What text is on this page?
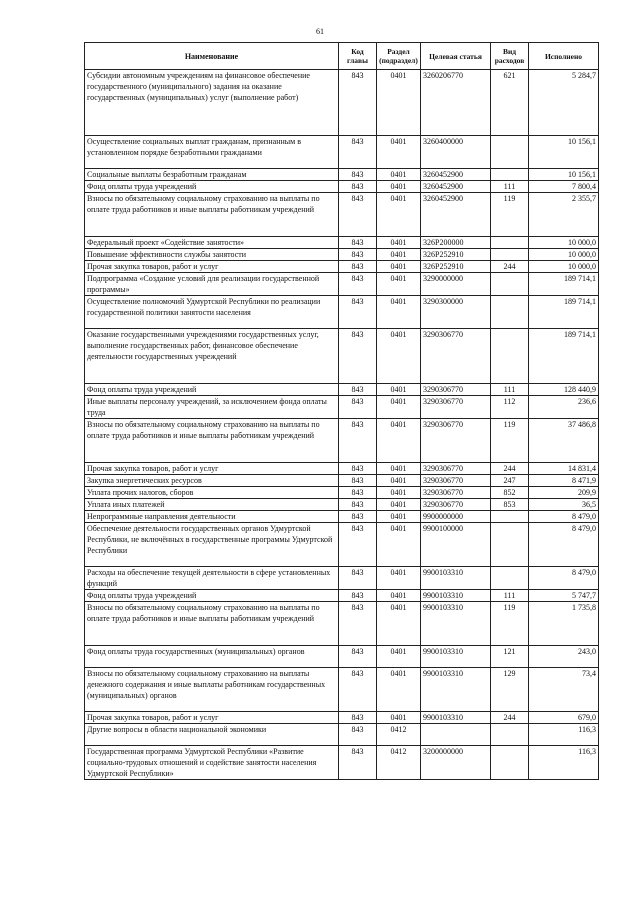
61
Наименование	Код главы	Раздел (подраздел)	Целевая статья	Вид расходов	Исполнено
Субсидии автономным учреждениям на финансовое обеспечение государственного (муниципального) задания на оказание государственных (муниципальных) услуг (выполнение работ)	843	0401	3260206770	621	5 284,7
Осуществление социальных выплат гражданам, признанным в установленном порядке безработными гражданами	843	0401	3260400000		10 156,1
Социальные выплаты безработным гражданам	843	0401	3260452900		10 156,1
Фонд оплаты труда учреждений	843	0401	3260452900	111	7 800,4
Взносы по обязательному социальному страхованию на выплаты по оплате труда работников и иные выплаты работникам учреждений	843	0401	3260452900	119	2 355,7
Федеральный проект «Содействие занятости»	843	0401	326P200000		10 000,0
Повышение эффективности службы занятости	843	0401	326P252910		10 000,0
Прочая закупка товаров, работ и услуг	843	0401	326P252910	244	10 000,0
Подпрограмма «Создание условий для реализации государственной программы»	843	0401	3290000000		189 714,1
Осуществление полномочий Удмуртской Республики по реализации государственной политики занятости населения	843	0401	3290300000		189 714,1
Оказание государственными учреждениями государственных услуг, выполнение государственных работ, финансовое обеспечение деятельности государственных учреждений	843	0401	3290306770		189 714,1
Фонд оплаты труда учреждений	843	0401	3290306770	111	128 440,9
Иные выплаты персоналу учреждений, за исключением фонда оплаты труда	843	0401	3290306770	112	236,6
Взносы по обязательному социальному страхованию на выплаты по оплате труда работников и иные выплаты работникам учреждений	843	0401	3290306770	119	37 486,8
Прочая закупка товаров, работ и услуг	843	0401	3290306770	244	14 831,4
Закупка энергетических ресурсов	843	0401	3290306770	247	8 471,9
Уплата прочих налогов, сборов	843	0401	3290306770	852	209,9
Уплата иных платежей	843	0401	3290306770	853	36,5
Непрограммные направления деятельности	843	0401	9900000000		8 479,0
Обеспечение деятельности государственных органов Удмуртской Республики, не включённых в государственные программы Удмуртской Республики	843	0401	9900100000		8 479,0
Расходы на обеспечение текущей деятельности в сфере установленных функций	843	0401	9900103310		8 479,0
Фонд оплаты труда учреждений	843	0401	9900103310	111	5 747,7
Взносы по обязательному социальному страхованию на выплаты по оплате труда работников и иные выплаты работникам учреждений	843	0401	9900103310	119	1 735,8
Фонд оплаты труда государственных (муниципальных) органов	843	0401	9900103310	121	243,0
Взносы по обязательному социальному страхованию на выплаты денежного содержания и иные выплаты работникам государственных (муниципальных) органов	843	0401	9900103310	129	73,4
Прочая закупка товаров, работ и услуг	843	0401	9900103310	244	679,0
Другие вопросы в области национальной экономики	843	0412			116,3
Государственная программа Удмуртской Республики «Развитие социально-трудовых отношений и содействие занятости населения Удмуртской Республики»	843	0412	3200000000		116,3
